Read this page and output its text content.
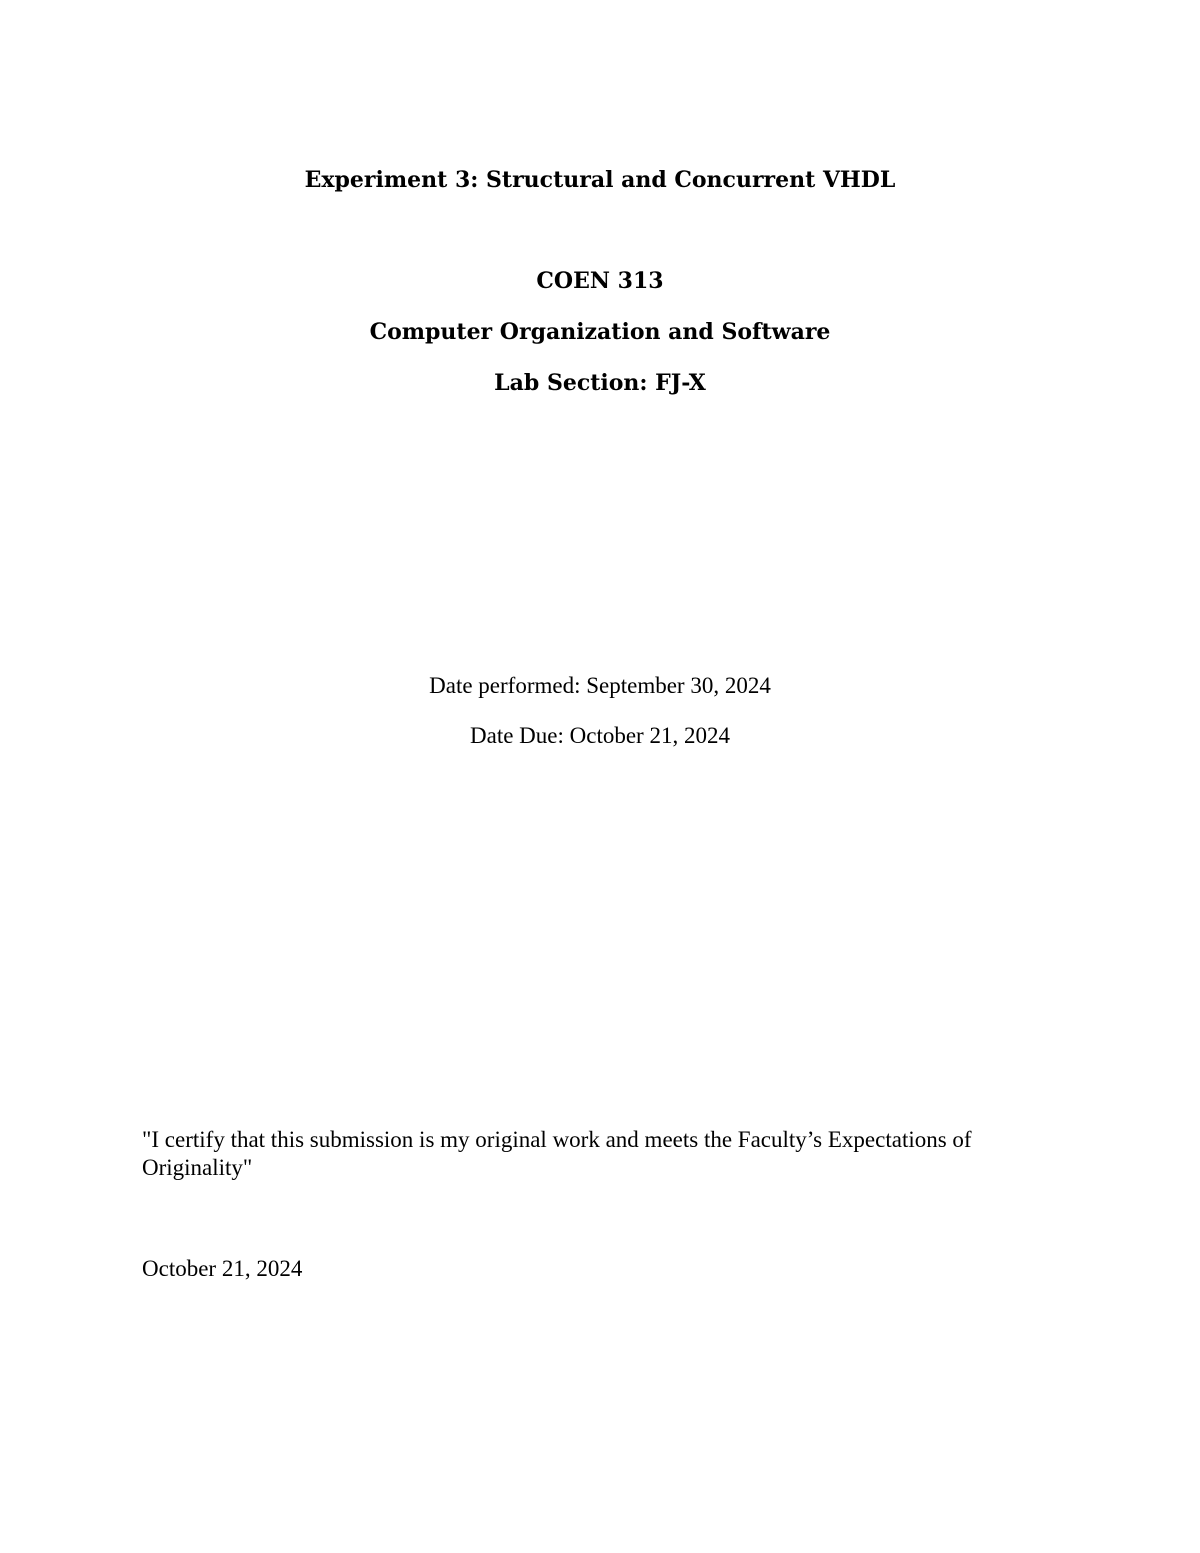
Experiment 3: Structural and Concurrent VHDL

COEN 313

Computer Organization and Software

Lab Section: FJ-X

Date performed: September 30, 2024

Date Due: October 21, 2024

"I certify that this submission is my original work and meets the Faculty’s Expectations of Originality"

October 21, 2024
